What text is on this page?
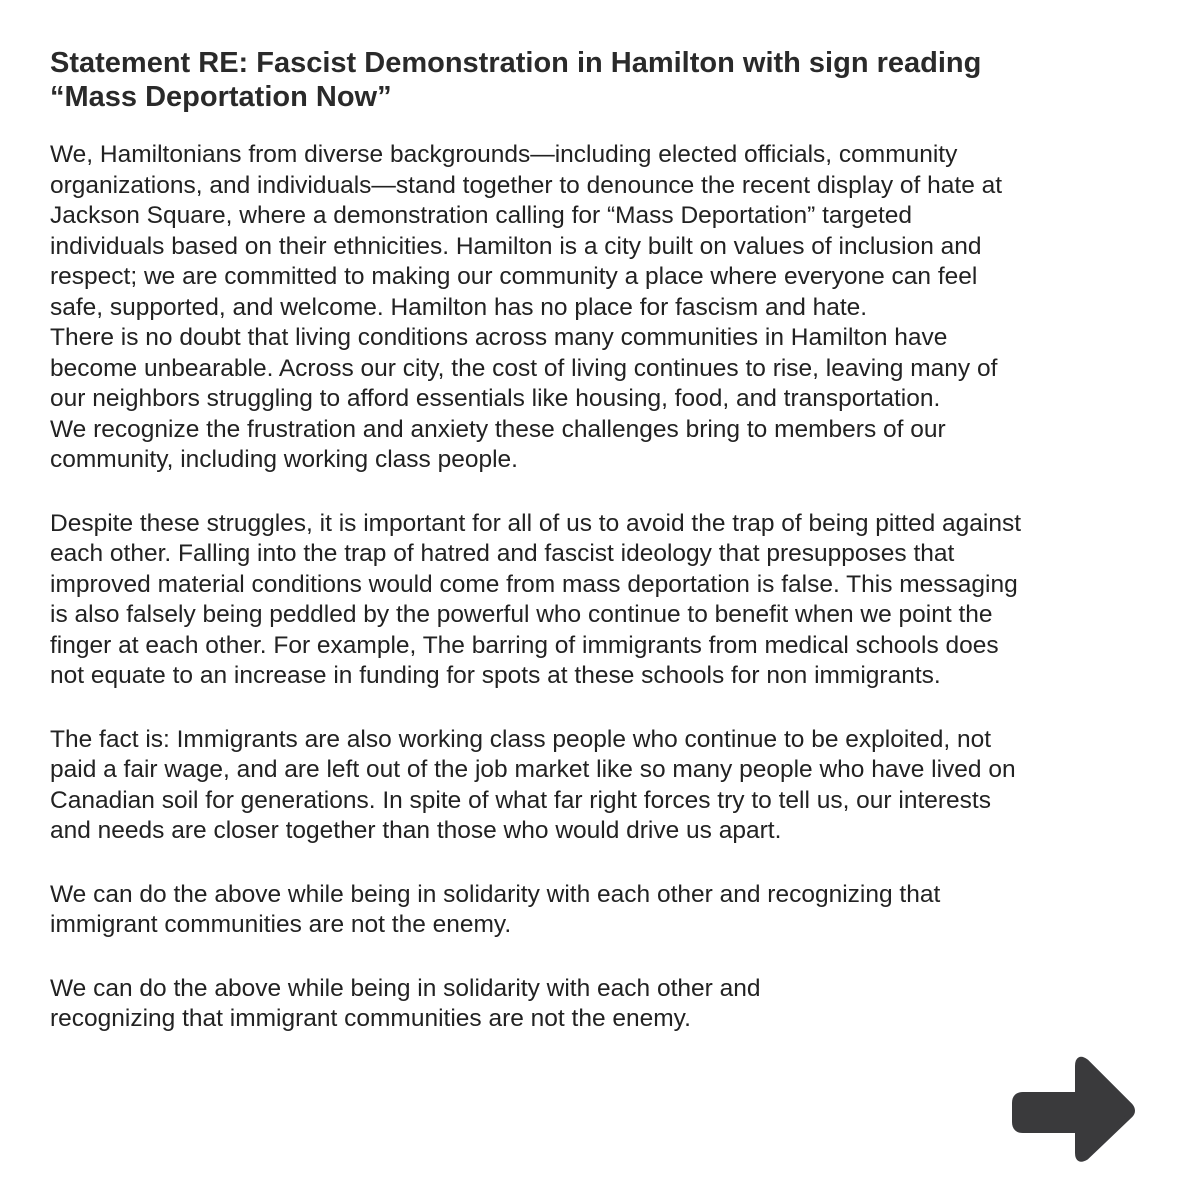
Statement RE: Fascist Demonstration in Hamilton with sign reading
“Mass Deportation Now”

We, Hamiltonians from diverse backgrounds—including elected officials, community
organizations, and individuals—stand together to denounce the recent display of hate at
Jackson Square, where a demonstration calling for “Mass Deportation” targeted
individuals based on their ethnicities. Hamilton is a city built on values of inclusion and
respect; we are committed to making our community a place where everyone can feel
safe, supported, and welcome. Hamilton has no place for fascism and hate.
There is no doubt that living conditions across many communities in Hamilton have
become unbearable. Across our city, the cost of living continues to rise, leaving many of
our neighbors struggling to afford essentials like housing, food, and transportation.
We recognize the frustration and anxiety these challenges bring to members of our
community, including working class people.

Despite these struggles, it is important for all of us to avoid the trap of being pitted against
each other. Falling into the trap of hatred and fascist ideology that presupposes that
improved material conditions would come from mass deportation is false. This messaging
is also falsely being peddled by the powerful who continue to benefit when we point the
finger at each other. For example, The barring of immigrants from medical schools does
not equate to an increase in funding for spots at these schools for non immigrants.

The fact is: Immigrants are also working class people who continue to be exploited, not
paid a fair wage, and are left out of the job market like so many people who have lived on
Canadian soil for generations. In spite of what far right forces try to tell us, our interests
and needs are closer together than those who would drive us apart.

We can do the above while being in solidarity with each other and recognizing that
immigrant communities are not the enemy.

We can do the above while being in solidarity with each other and
recognizing that immigrant communities are not the enemy.
